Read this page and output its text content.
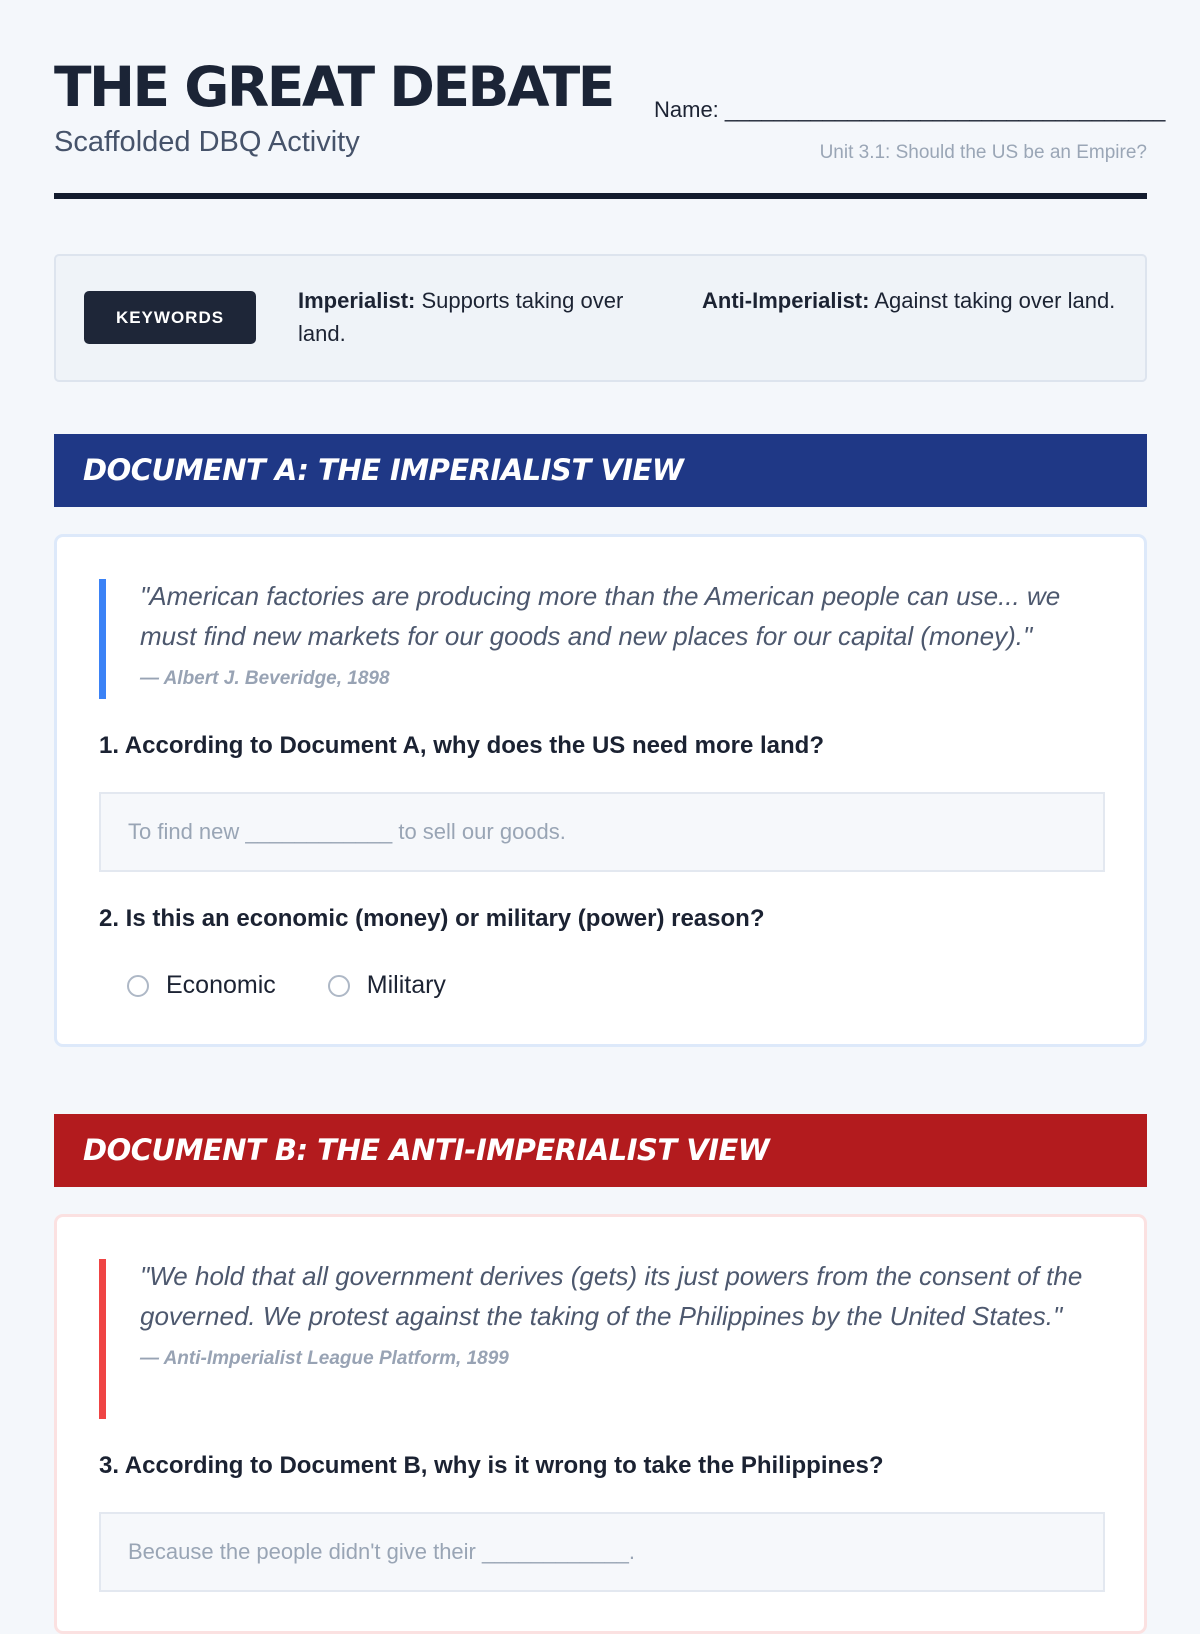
THE GREAT DEBATE
Scaffolded DBQ Activity
Name: ____________________________________
Unit 3.1: Should the US be an Empire?
KEYWORDS
Imperialist: Supports taking over land.
Anti-Imperialist: Against taking over land.
DOCUMENT A: THE IMPERIALIST VIEW
"American factories are producing more than the American people can use... we must find new markets for our goods and new places for our capital (money)."
— Albert J. Beveridge, 1898
1. According to Document A, why does the US need more land?
To find new ____________ to sell our goods.
2. Is this an economic (money) or military (power) reason?
Economic	Military
DOCUMENT B: THE ANTI-IMPERIALIST VIEW
"We hold that all government derives (gets) its just powers from the consent of the governed. We protest against the taking of the Philippines by the United States."
— Anti-Imperialist League Platform, 1899
3. According to Document B, why is it wrong to take the Philippines?
Because the people didn't give their ____________.
